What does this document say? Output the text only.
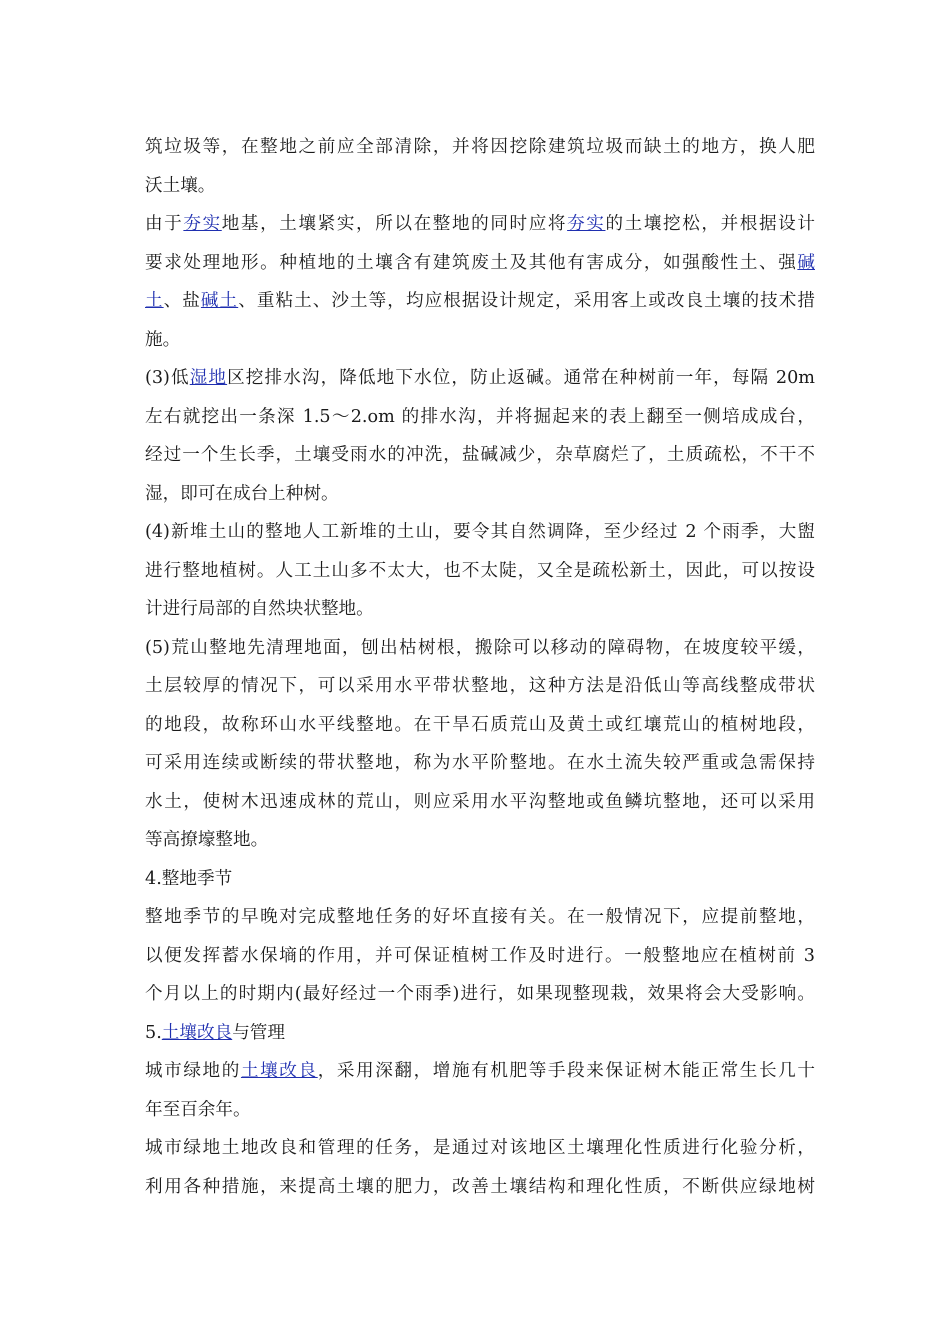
筑垃圾等，在整地之前应全部清除，并将因挖除建筑垃圾而缺土的地方，换人肥
沃土壤。
由于夯实地基，土壤紧实，所以在整地的同时应将夯实的土壤挖松，并根据设计
要求处理地形。种植地的土壤含有建筑废土及其他有害成分，如强酸性土、强碱
土、盐碱土、重粘土、沙土等，均应根据设计规定，采用客上或改良土壤的技术措
施。
(3)低湿地区挖排水沟，降低地下水位，防止返碱。通常在种树前一年，每隔 20m
左右就挖出一条深 1.5～2.om 的排水沟，并将掘起来的表上翻至一侧培成成台，
经过一个生长季，土壤受雨水的冲洗，盐碱减少，杂草腐烂了，土质疏松，不干不
湿，即可在成台上种树。
(4)新堆土山的整地人工新堆的土山，要令其自然调降，至少经过 2 个雨季，大盥
进行整地植树。人工土山多不太大，也不太陡，又全是疏松新土，因此，可以按设
计进行局部的自然块状整地。
(5)荒山整地先清理地面，刨出枯树根，搬除可以移动的障碍物，在坡度较平缓，
土层较厚的情况下，可以采用水平带状整地，这种方法是沿低山等高线整成带状
的地段，故称环山水平线整地。在干旱石质荒山及黄土或红壤荒山的植树地段，
可采用连续或断续的带状整地，称为水平阶整地。在水土流失较严重或急需保持
水土，使树木迅速成林的荒山，则应采用水平沟整地或鱼鳞坑整地，还可以采用
等高撩壕整地。
4.整地季节
整地季节的早晚对完成整地任务的好坏直接有关。在一般情况下，应提前整地，
以便发挥蓄水保墒的作用，并可保证植树工作及时进行。一般整地应在植树前 3
个月以上的时期内(最好经过一个雨季)进行，如果现整现栽，效果将会大受影响。
5.土壤改良与管理
城市绿地的土壤改良，采用深翻，增施有机肥等手段来保证树木能正常生长几十
年至百余年。
城市绿地土地改良和管理的任务，是通过对该地区土壤理化性质进行化验分析，
利用各种措施，来提高土壤的肥力，改善土壤结构和理化性质，不断供应绿地树
